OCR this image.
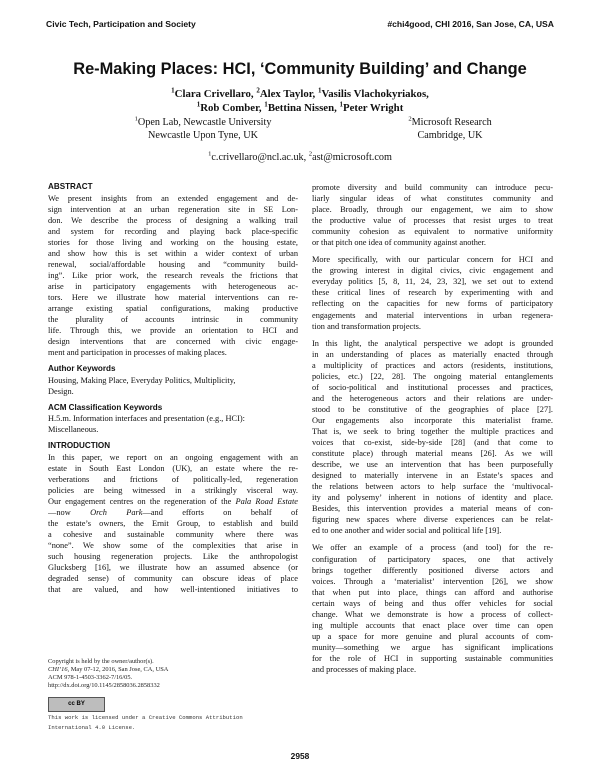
Civic Tech, Participation and Society	#chi4good, CHI 2016, San Jose, CA, USA
Re-Making Places: HCI, ‘Community Building’ and Change
$^1$Clara Crivellaro, $^2$Alex Taylor, $^1$Vasilis Vlachokyriakos,
$^1$Rob Comber, $^1$Bettina Nissen, $^1$Peter Wright
$^1$Open Lab, Newcastle University
Newcastle Upon Tyne, UK
$^2$Microsoft Research
Cambridge, UK
$^1$c.crivellaro@ncl.ac.uk, $^2$ast@microsoft.com
ABSTRACT

We present insights from an extended engagement and de-
sign intervention at an urban regeneration site in SE Lon-
don. We describe the process of designing a walking trail
and system for recording and playing back place-specific
stories for those living and working on the housing estate,
and show how this is set within a wider context of urban
renewal, social/affordable housing and “community build-
ing”. Like prior work, the research reveals the frictions that
arise in participatory engagements with heterogeneous ac-
tors. Here we illustrate how material interventions can re-
arrange existing spatial configurations, making productive
the plurality of accounts intrinsic in community
life. Through this, we provide an orientation to HCI and
design interventions that are concerned with civic engage-
ment and participation in processes of making places.

Author Keywords

Housing, Making Place, Everyday Politics, Multiplicity,
Design.

ACM Classification Keywords

H.5.m. Information interfaces and presentation (e.g., HCI):
Miscellaneous.

INTRODUCTION

In this paper, we report on an ongoing engagement with an
estate in South East London (UK), an estate where the re-
verberations and frictions of politically-led, regeneration
policies are being witnessed in a strikingly visceral way.
Our engagement centres on the regeneration of the Pala Road Estate
—now Orch Park—and efforts on behalf of
the estate’s owners, the Ernit Group, to establish and build
a cohesive and sustainable community where there was
“none”. We show some of the complexities that arise in
such housing regeneration projects. Like the anthropologist
Glucksberg [16], we illustrate how an assumed absence (or
degraded sense) of community can obscure ideas of place
that are valued, and how well-intentioned initiatives to

promote diversity and build community can introduce pecu-
liarly singular ideas of what constitutes community and
place. Broadly, through our engagement, we aim to show
the productive value of processes that resist urges to treat
community cohesion as equivalent to normative uniformity
or that pitch one idea of community against another.

More specifically, with our particular concern for HCI and
the growing interest in digital civics, civic engagement and
everyday politics [5, 8, 11, 24, 23, 32], we set out to extend
these critical lines of research by experimenting with and
reflecting on the capacities for new forms of participatory
engagements and material interventions in urban regenera-
tion and transformation projects.

In this light, the analytical perspective we adopt is grounded
in an understanding of places as materially enacted through
a multiplicity of practices and actors (residents, institutions,
policies, etc.) [22, 28]. The ongoing material entanglements
of socio-political and institutional processes and practices,
and the heterogeneous actors and their relations are under-
stood to be constitutive of the geographies of place [27].
Our engagements also incorporate this materialist frame.
That is, we seek to bring together the multiple practices and
voices that co-exist, side-by-side [28] (and that come to
constitute place) through material means [26]. As we will
describe, we use an intervention that has been purposefully
designed to materially intervene in an Estate’s spaces and
the relations between actors to help surface the ‘multivocal-
ity and polysemy’ inherent in notions of identity and place.
Besides, this intervention provides a material means of con-
figuring new spaces where diverse experiences can be relat-
ed to one another and wider social and political life [19].

We offer an example of a process (and tool) for the re-
configuration of participatory spaces, one that actively
brings together differently positioned diverse actors and
voices. Through a ‘materialist’ intervention [26], we show
that when put into place, things can afford and authorise
certain ways of being and thus offer vehicles for social
change. What we demonstrate is how a process of collect-
ing multiple accounts that enact place over time can open
up a space for more genuine and plural accounts of com-
munity—something we argue has significant implications
for the role of HCI in supporting sustainable communities
and processes of making place.

Copyright is held by the owner/author(s).
CHI’16, May 07-12, 2016, San Jose, CA, USA
ACM 978-1-4503-3362-7/16/05.
http://dx.doi.org/10.1145/2858036.2858332
cc BY
This work is licensed under a Creative Commons Attribution
International 4.0 License.
2958
